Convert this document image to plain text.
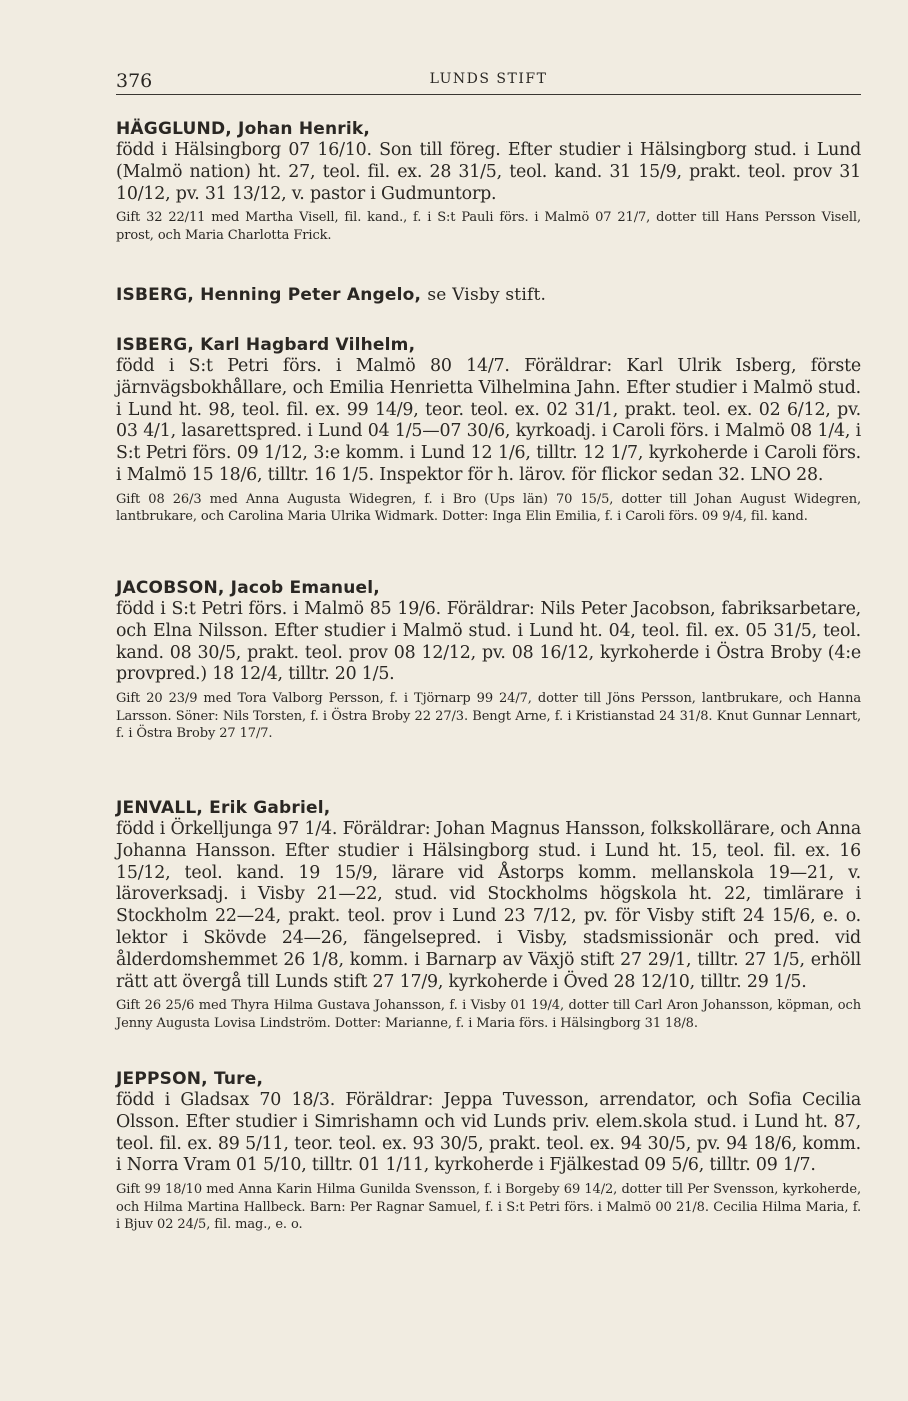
376	LUNDS STIFT
HÄGGLUND, Johan Henrik,
född i Hälsingborg 07 16/10. Son till föreg. Efter studier i Hälsingborg stud. i Lund (Malmö nation) ht. 27, teol. fil. ex. 28 31/5, teol. kand. 31 15/9, prakt. teol. prov 31 10/12, pv. 31 13/12, v. pastor i Gudmuntorp.
Gift 32 22/11 med Martha Visell, fil. kand., f. i S:t Pauli förs. i Malmö 07 21/7, dotter till Hans Persson Visell, prost, och Maria Charlotta Frick.
ISBERG, Henning Peter Angelo, se Visby stift.
ISBERG, Karl Hagbard Vilhelm,
född i S:t Petri förs. i Malmö 80 14/7. Föräldrar: Karl Ulrik Isberg, förste järnvägsbokhållare, och Emilia Henrietta Vilhelmina Jahn. Efter studier i Malmö stud. i Lund ht. 98, teol. fil. ex. 99 14/9, teor. teol. ex. 02 31/1, prakt. teol. ex. 02 6/12, pv. 03 4/1, lasarettspred. i Lund 04 1/5—07 30/6, kyrkoadj. i Caroli förs. i Malmö 08 1/4, i S:t Petri förs. 09 1/12, 3:e komm. i Lund 12 1/6, tilltr. 12 1/7, kyrkoherde i Caroli förs. i Malmö 15 18/6, tilltr. 16 1/5. Inspektor för h. lärov. för flickor sedan 32. LNO 28.
Gift 08 26/3 med Anna Augusta Widegren, f. i Bro (Ups län) 70 15/5, dotter till Johan August Widegren, lantbrukare, och Carolina Maria Ulrika Widmark. Dotter: Inga Elin Emilia, f. i Caroli förs. 09 9/4, fil. kand.
JACOBSON, Jacob Emanuel,
född i S:t Petri förs. i Malmö 85 19/6. Föräldrar: Nils Peter Jacobson, fabriksarbetare, och Elna Nilsson. Efter studier i Malmö stud. i Lund ht. 04, teol. fil. ex. 05 31/5, teol. kand. 08 30/5, prakt. teol. prov 08 12/12, pv. 08 16/12, kyrkoherde i Östra Broby (4:e provpred.) 18 12/4, tilltr. 20 1/5.
Gift 20 23/9 med Tora Valborg Persson, f. i Tjörnarp 99 24/7, dotter till Jöns Persson, lantbrukare, och Hanna Larsson. Söner: Nils Torsten, f. i Östra Broby 22 27/3. Bengt Arne, f. i Kristianstad 24 31/8. Knut Gunnar Lennart, f. i Östra Broby 27 17/7.
JENVALL, Erik Gabriel,
född i Örkelljunga 97 1/4. Föräldrar: Johan Magnus Hansson, folkskollärare, och Anna Johanna Hansson. Efter studier i Hälsingborg stud. i Lund ht. 15, teol. fil. ex. 16 15/12, teol. kand. 19 15/9, lärare vid Åstorps komm. mellanskola 19—21, v. läroverksadj. i Visby 21—22, stud. vid Stockholms högskola ht. 22, timlärare i Stockholm 22—24, prakt. teol. prov i Lund 23 7/12, pv. för Visby stift 24 15/6, e. o. lektor i Skövde 24—26, fängelsepred. i Visby, stadsmissionär och pred. vid ålderdomshemmet 26 1/8, komm. i Barnarp av Växjö stift 27 29/1, tilltr. 27 1/5, erhöll rätt att övergå till Lunds stift 27 17/9, kyrkoherde i Öved 28 12/10, tilltr. 29 1/5.
Gift 26 25/6 med Thyra Hilma Gustava Johansson, f. i Visby 01 19/4, dotter till Carl Aron Johansson, köpman, och Jenny Augusta Lovisa Lindström. Dotter: Marianne, f. i Maria förs. i Hälsingborg 31 18/8.
JEPPSON, Ture,
född i Gladsax 70 18/3. Föräldrar: Jeppa Tuvesson, arrendator, och Sofia Cecilia Olsson. Efter studier i Simrishamn och vid Lunds priv. elem.skola stud. i Lund ht. 87, teol. fil. ex. 89 5/11, teor. teol. ex. 93 30/5, prakt. teol. ex. 94 30/5, pv. 94 18/6, komm. i Norra Vram 01 5/10, tilltr. 01 1/11, kyrkoherde i Fjälkestad 09 5/6, tilltr. 09 1/7.
Gift 99 18/10 med Anna Karin Hilma Gunilda Svensson, f. i Borgeby 69 14/2, dotter till Per Svensson, kyrkoherde, och Hilma Martina Hallbeck. Barn: Per Ragnar Samuel, f. i S:t Petri förs. i Malmö 00 21/8. Cecilia Hilma Maria, f. i Bjuv 02 24/5, fil. mag., e. o.
